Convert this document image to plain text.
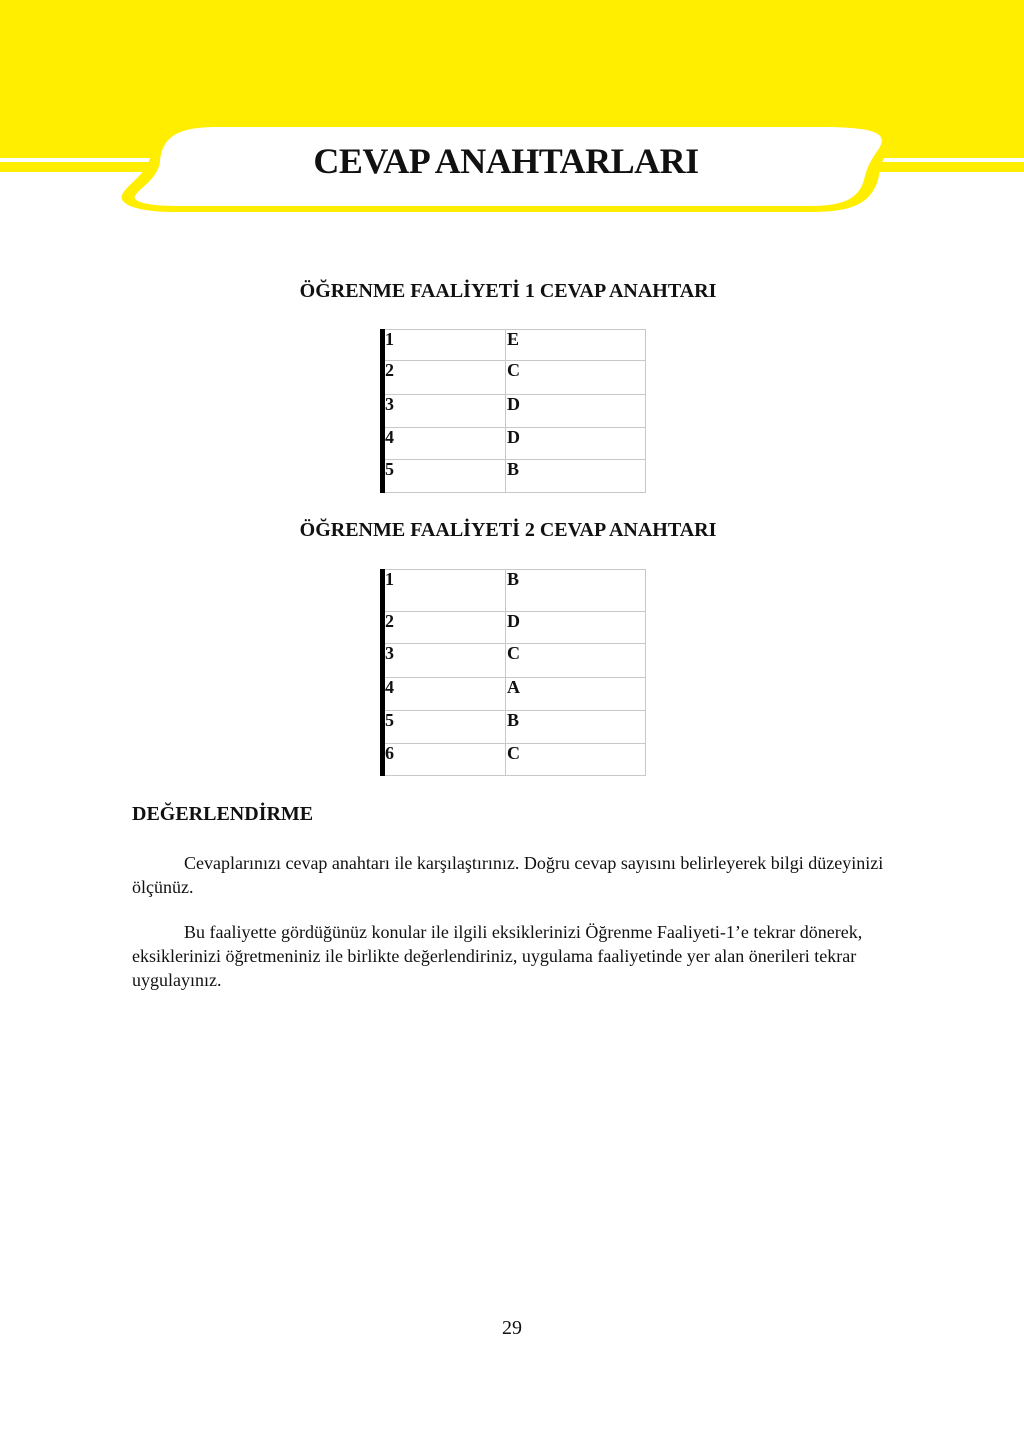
CEVAP ANAHTARLARI
ÖĞRENME FAALİYETİ 1 CEVAP ANAHTARI
1	E
2	C
3	D
4	D
5	B
ÖĞRENME FAALİYETİ 2 CEVAP ANAHTARI
1	B
2	D
3	C
4	A
5	B
6	C
DEĞERLENDİRME

Cevaplarınızı cevap anahtarı ile karşılaştırınız. Doğru cevap sayısını belirleyerek bilgi düzeyinizi ölçünüz.

Bu faaliyette gördüğünüz konular ile ilgili eksiklerinizi Öğrenme Faaliyeti-1’e tekrar dönerek, eksiklerinizi öğretmeniniz ile birlikte değerlendiriniz, uygulama faaliyetinde yer alan önerileri tekrar uygulayınız.

29
